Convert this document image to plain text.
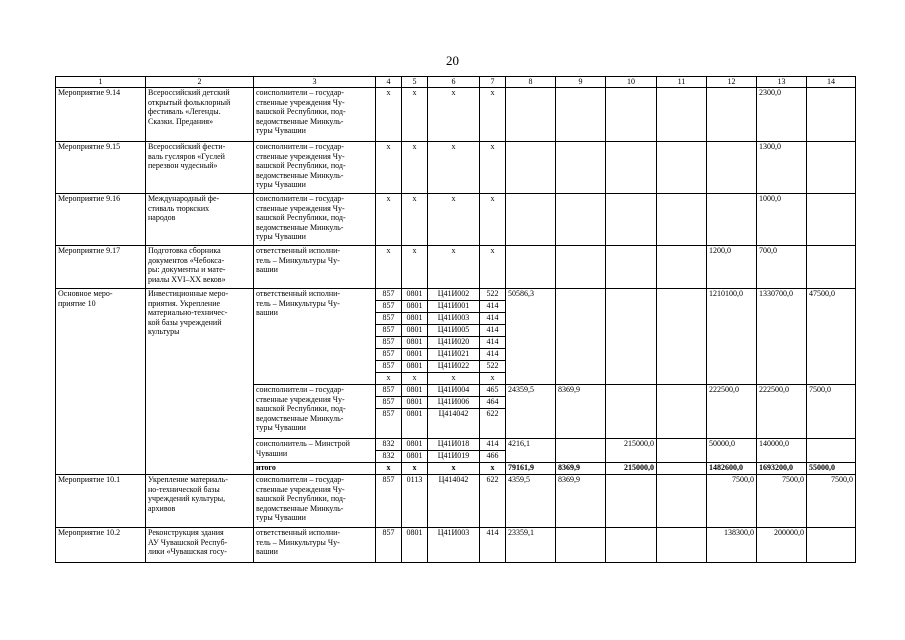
20
1	2	3	4	5	6	7	8	9	10	11	12	13	14
Мероприятие 9.14	Всероссийский детский
открытый фольклорный
фестиваль «Легенды.
Сказки. Предания»	соисполнители – государ-
ственные учреждения Чу-
вашской Республики, под-
ведомственные Минкуль-
туры Чувашии	x	x	x	x						2300,0	
Мероприятие 9.15	Всероссийский фести-
валь гусляров «Гуслей
перезвон чудесный»	соисполнители – государ-
ственные учреждения Чу-
вашской Республики, под-
ведомственные Минкуль-
туры Чувашии	x	x	x	x						1300,0	
Мероприятие 9.16	Международный фе-
стиваль тюркских
народов	соисполнители – государ-
ственные учреждения Чу-
вашской Республики, под-
ведомственные Минкуль-
туры Чувашии	x	x	x	x						1000,0	
Мероприятие 9.17	Подготовка сборника
документов «Чебокса-
ры: документы и мате-
риалы XVI–XX веков»	ответственный исполни-
тель – Минкультуры Чу-
вашии	x	x	x	x					1200,0	700,0	

Основное меро-
приятие 10	Инвестиционные меро-
приятия. Укрепление
материально-техничес-
кой базы учреждений
культуры	ответственный исполни-
тель – Минкультуры Чу-
вашии	857	0801	Ц41И002	522	50586,3				1210100,0	1330700,0	47500,0
			857	0801	Ц41И001	414							
			857	0801	Ц41И003	414							
			857	0801	Ц41И005	414							
			857	0801	Ц41И020	414							
			857	0801	Ц41И021	414							
			857	0801	Ц41И022	522							
			x	x	x	x							

		соисполнители – государ-
ственные учреждения Чу-
вашской Республики, под-
ведомственные Минкуль-
туры Чувашии	857	0801	Ц41И004	465	24359,5	8369,9			222500,0	222500,0	7500,0
			857	0801	Ц41И006	464							
			857	0801	Ц414042	622							

		соисполнитель – Минстрой
Чувашии	832	0801	Ц41И018	414	4216,1		215000,0		50000,0	140000,0	
			832	0801	Ц41И019	466							
		итого	x	x	x	x	79161,9	8369,9	215000,0		1482600,0	1693200,0	55000,0
Мероприятие 10.1	Укрепление материаль-
но-технической базы
учреждений культуры,
архивов	соисполнители – государ-
ственные учреждения Чу-
вашской Республики, под-
ведомственные Минкуль-
туры Чувашии	857	0113	Ц414042	622	4359,5	8369,9			7500,0	7500,0	7500,0
Мероприятие 10.2	Реконструкция здания
АУ Чувашской Респуб-
лики «Чувашская госу-	ответственный исполни-
тель – Минкультуры Чу-
вашии	857	0801	Ц41И003	414	23359,1				138300,0	200000,0	
